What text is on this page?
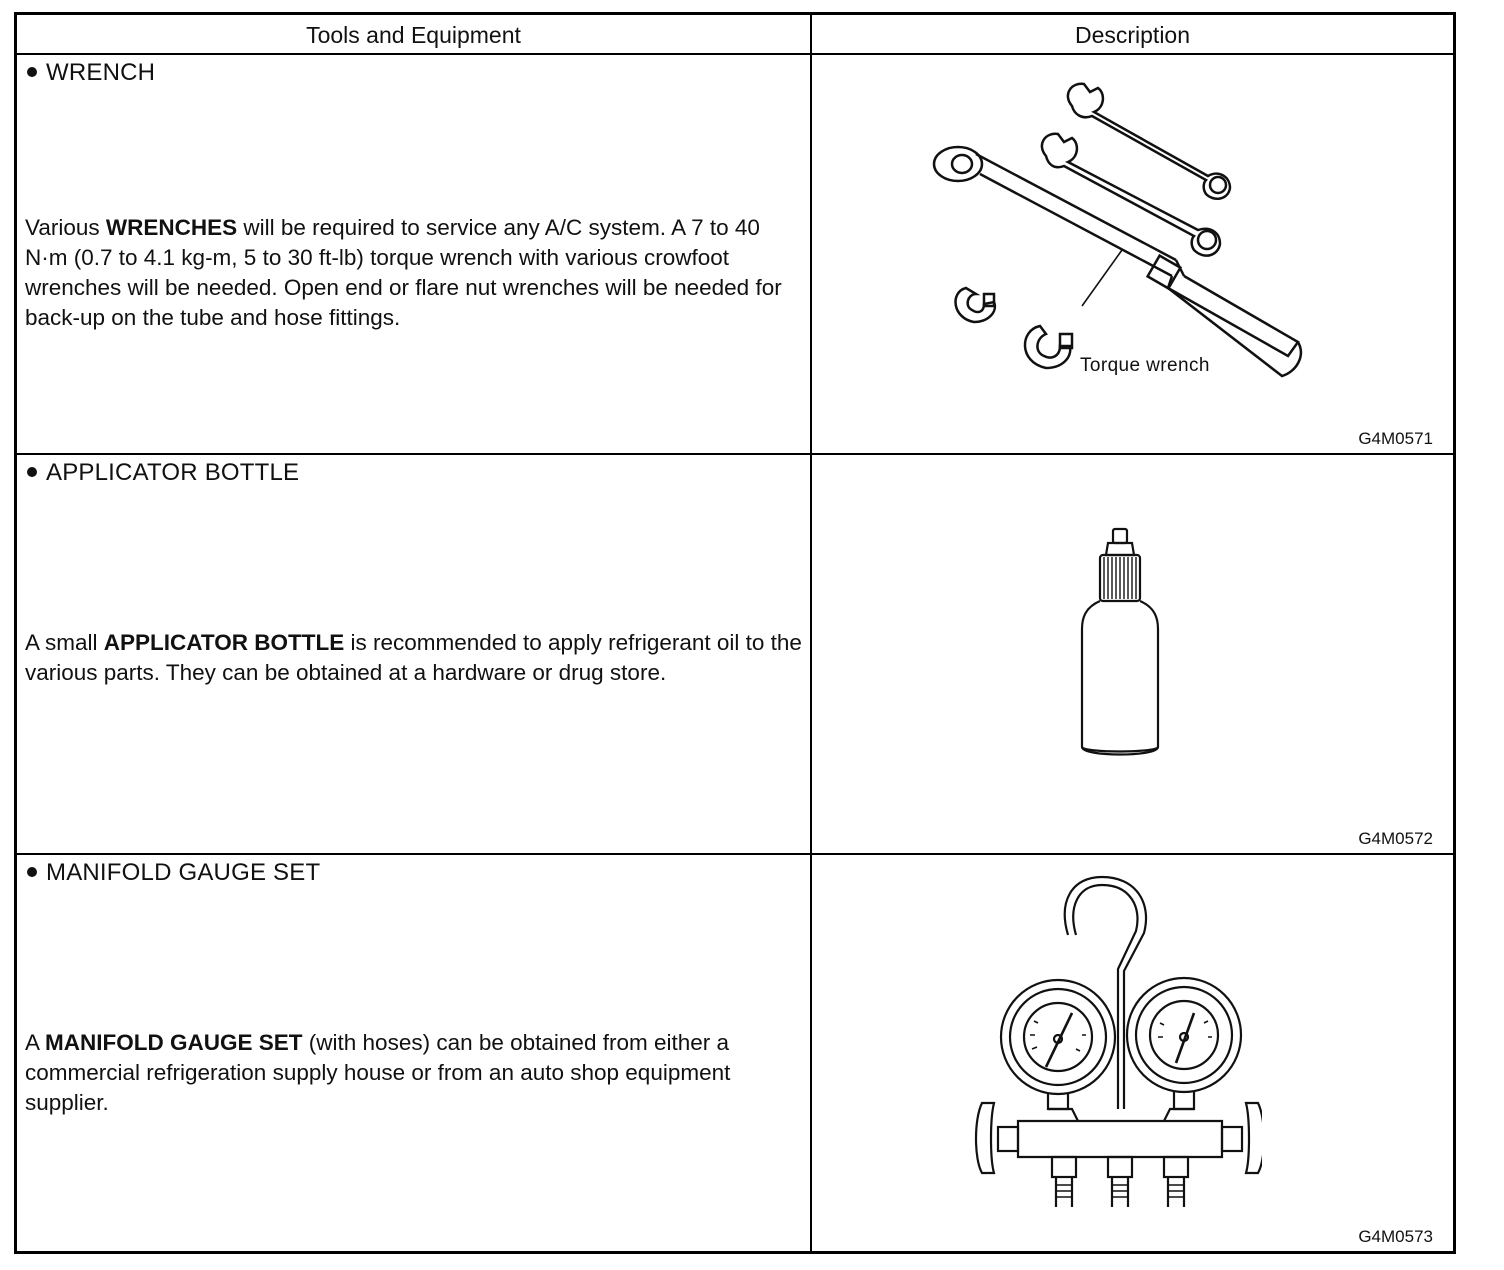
Tools and Equipment	Description
WRENCH
Various WRENCHES will be required to service any A/C system. A 7 to 40 N·m (0.7 to 4.1 kg-m, 5 to 30 ft-lb) torque wrench with various crowfoot wrenches will be needed. Open end or flare nut wrenches will be needed for back-up on the tube and hose fittings.
Torque wrench
G4M0571
APPLICATOR BOTTLE
A small APPLICATOR BOTTLE is recommended to apply refrigerant oil to the various parts. They can be obtained at a hardware or drug store.
G4M0572
MANIFOLD GAUGE SET
A MANIFOLD GAUGE SET (with hoses) can be obtained from either a commercial refrigeration supply house or from an auto shop equipment supplier.
G4M0573
